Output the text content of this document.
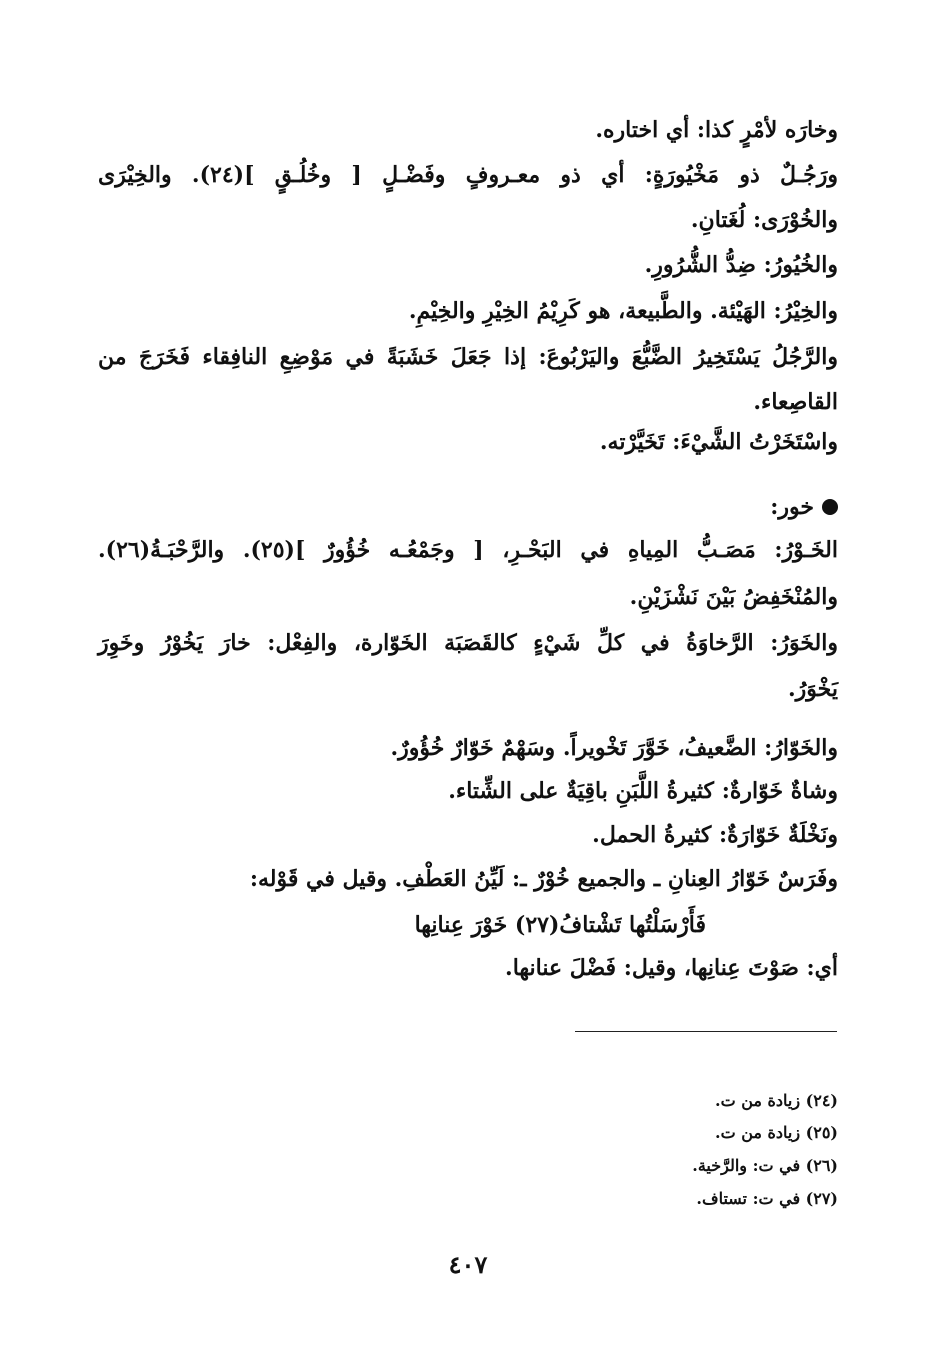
وخارَه لأمْرٍ كذا: أي اختاره.
ورَجُـلٌ ذو مَخْيُورَةٍ: أي ذو معـروفٍ وفَضْـلٍ [ وخُلُـقٍ ](٢٤). والخِيْرَى
والخُوْرَى: لُغَتانِ.
والخُيُورُ: ضِدُّ الشُّرُورِ.
والخِيْرُ: الهَيْئة. والطَّبيعة، هو كَرِيْمُ الخِيْرِ والخِيْمِ.
والرَّجُلُ يَسْتَخِيرُ الضَّبُّعَ واليَرْبُوعَ: إذا جَعَلَ خَشَبَةً في مَوْضِعِ النافِقاء فَخَرَجَ من
القاصِعاء.
واسْتَخَرْتُ الشَّيْءَ: تَخَيَّرْته.
خور:
الخَـوْرُ: مَصَـبُّ المِياهِ في البَحْـرِ، [ وجَمْعُـه خُؤُورٌ ](٢٥). والرَّحْبَـةُ(٢٦).
والمُنْخَفِضُ بَيْنَ نَشْزَيْنِ.
والخَوَرُ: الرَّخاوَةُ في كلِّ شَيْءٍ كالقَصَبَة الخَوّارة، والفِعْل: خارَ يَخُوْرُ وخَوِرَ
يَخْوَرُ.
والخَوّارُ: الضَّعيفُ، خَوَّرَ تَخْويراً. وسَهْمٌ خَوّارٌ خُؤُورٌ.
وشاةٌ خَوّارةٌ: كثيرةُ اللَّبَنِ باقِيَةٌ على الشِّتاء.
ونَخْلَةٌ خَوّارَةٌ: كثيرةُ الحمل.
وفَرَسٌ خَوّارُ العِنانِ ـ والجميع خُوْرٌ ـ: لَيِّنُ العَطْفِ. وقيل في قَوْله:
فَأَرْسَلْتُها تَشْتافُ(٢٧) خَوْرَ عِنانِها
أي: صَوْتَ عِنانِها، وقيل: فَضْلَ عنانها.
(٢٤) زيادة من ت.
(٢٥) زيادة من ت.
(٢٦) في ت: والرَّخية.
(٢٧) في ت: تستاف.
٤٠٧
